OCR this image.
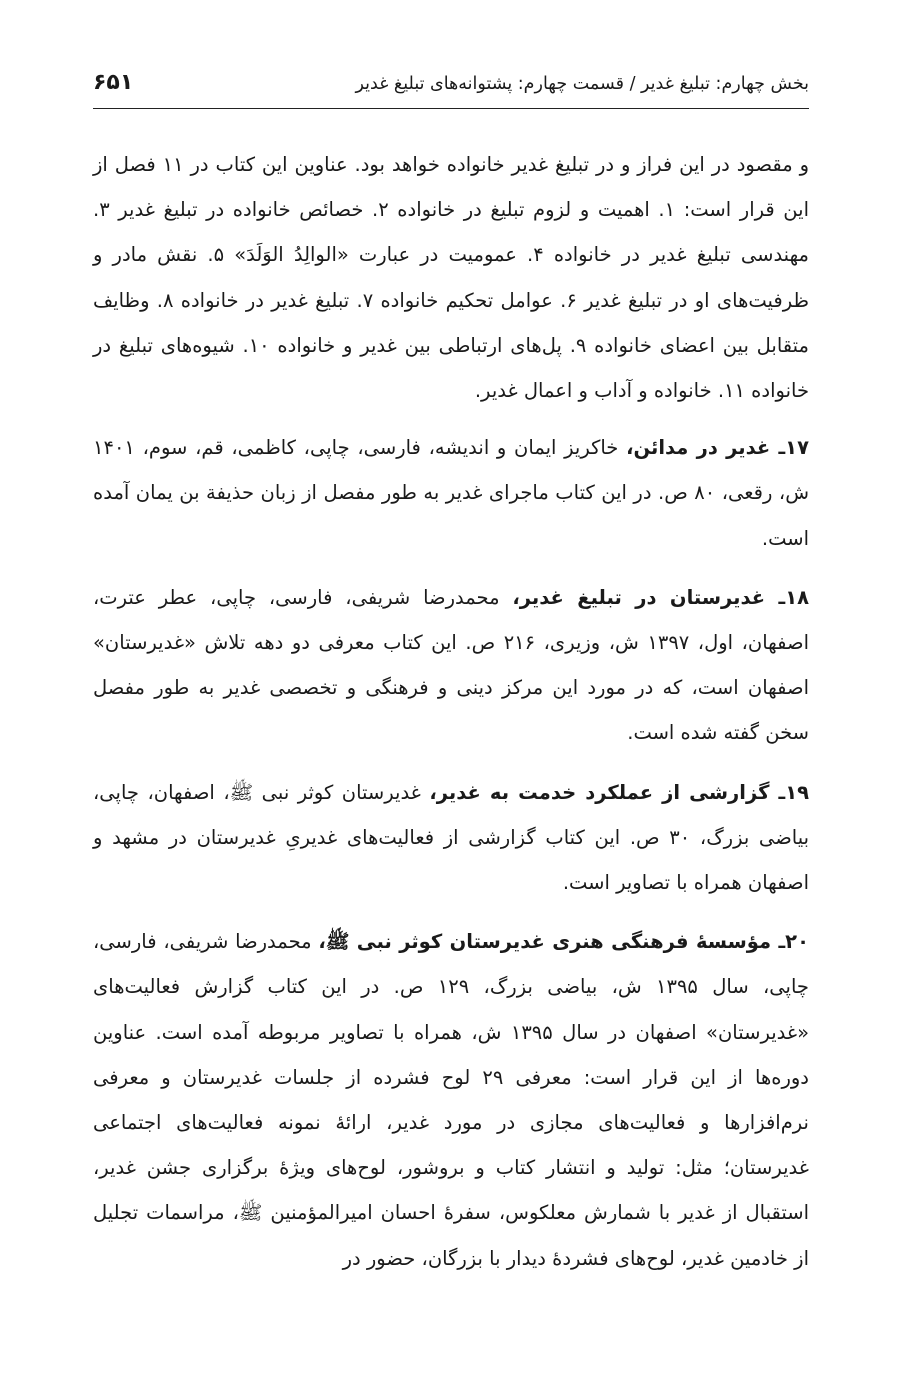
بخش چهارم: تبلیغ غدیر / قسمت چهارم: پشتوانه‌های تبلیغ غدیر
۶۵۱

و مقصود در این فراز و در تبلیغ غدیر خانواده خواهد بود. عناوین این کتاب در ۱۱ فصل از این قرار است: ۱. اهمیت و لزوم تبلیغ در خانواده ۲. خصائص خانواده در تبلیغ غدیر ۳. مهندسی تبلیغ غدیر در خانواده ۴. عمومیت در عبارت «الوالِدُ الوَلَدَ» ۵. نقش مادر و ظرفیت‌های او در تبلیغ غدیر ۶. عوامل تحکیم خانواده ۷. تبلیغ غدیر در خانواده ۸. وظایف متقابل بین اعضای خانواده ۹. پل‌های ارتباطی بین غدیر و خانواده ۱۰. شیوه‌های تبلیغ در خانواده ۱۱. خانواده و آداب و اعمال غدیر.

۱۷ـ غدیر در مدائن، خاکریز ایمان و اندیشه، فارسی، چاپی، کاظمی، قم، سوم، ۱۴۰۱ ش، رقعی، ۸۰ ص. در این کتاب ماجرای غدیر به طور مفصل از زبان حذیفة بن یمان آمده است.

۱۸ـ غدیرستان در تبلیغ غدیر، محمدرضا شریفی، فارسی، چاپی، عطر عترت، اصفهان، اول، ۱۳۹۷ ش، وزیری، ۲۱۶ ص. این کتاب معرفی دو دهه تلاش «غدیرستان» اصفهان است، که در مورد این مرکز دینی و فرهنگی و تخصصی غدیر به طور مفصل سخن گفته شده است.

۱۹ـ گزارشی از عملکرد خدمت به غدیر، غدیرستان کوثر نبی ﷺ، اصفهان، چاپی، بیاضی بزرگ، ۳۰ ص. این کتاب گزارشی از فعالیت‌های غدیریِ غدیرستان در مشهد و اصفهان همراه با تصاویر است.

۲۰ـ مؤسسهٔ فرهنگی هنری غدیرستان کوثر نبی ﷺ، محمدرضا شریفی، فارسی، چاپی، سال ۱۳۹۵ ش، بیاضی بزرگ، ۱۲۹ ص. در این کتاب گزارش فعالیت‌های «غدیرستان» اصفهان در سال ۱۳۹۵ ش، همراه با تصاویر مربوطه آمده است. عناوین دوره‌ها از این قرار است: معرفی ۲۹ لوح فشرده از جلسات غدیرستان و معرفی نرم‌افزارها و فعالیت‌های مجازی در مورد غدیر، ارائهٔ نمونه فعالیت‌های اجتماعی غدیرستان؛ مثل: تولید و انتشار کتاب و بروشور، لوح‌های ویژهٔ برگزاری جشن غدیر، استقبال از غدیر با شمارش معلکوس، سفرهٔ احسان امیرالمؤمنین ﷺ، مراسمات تجلیل از خادمین غدیر، لوح‌های فشردهٔ دیدار با بزرگان، حضور در
